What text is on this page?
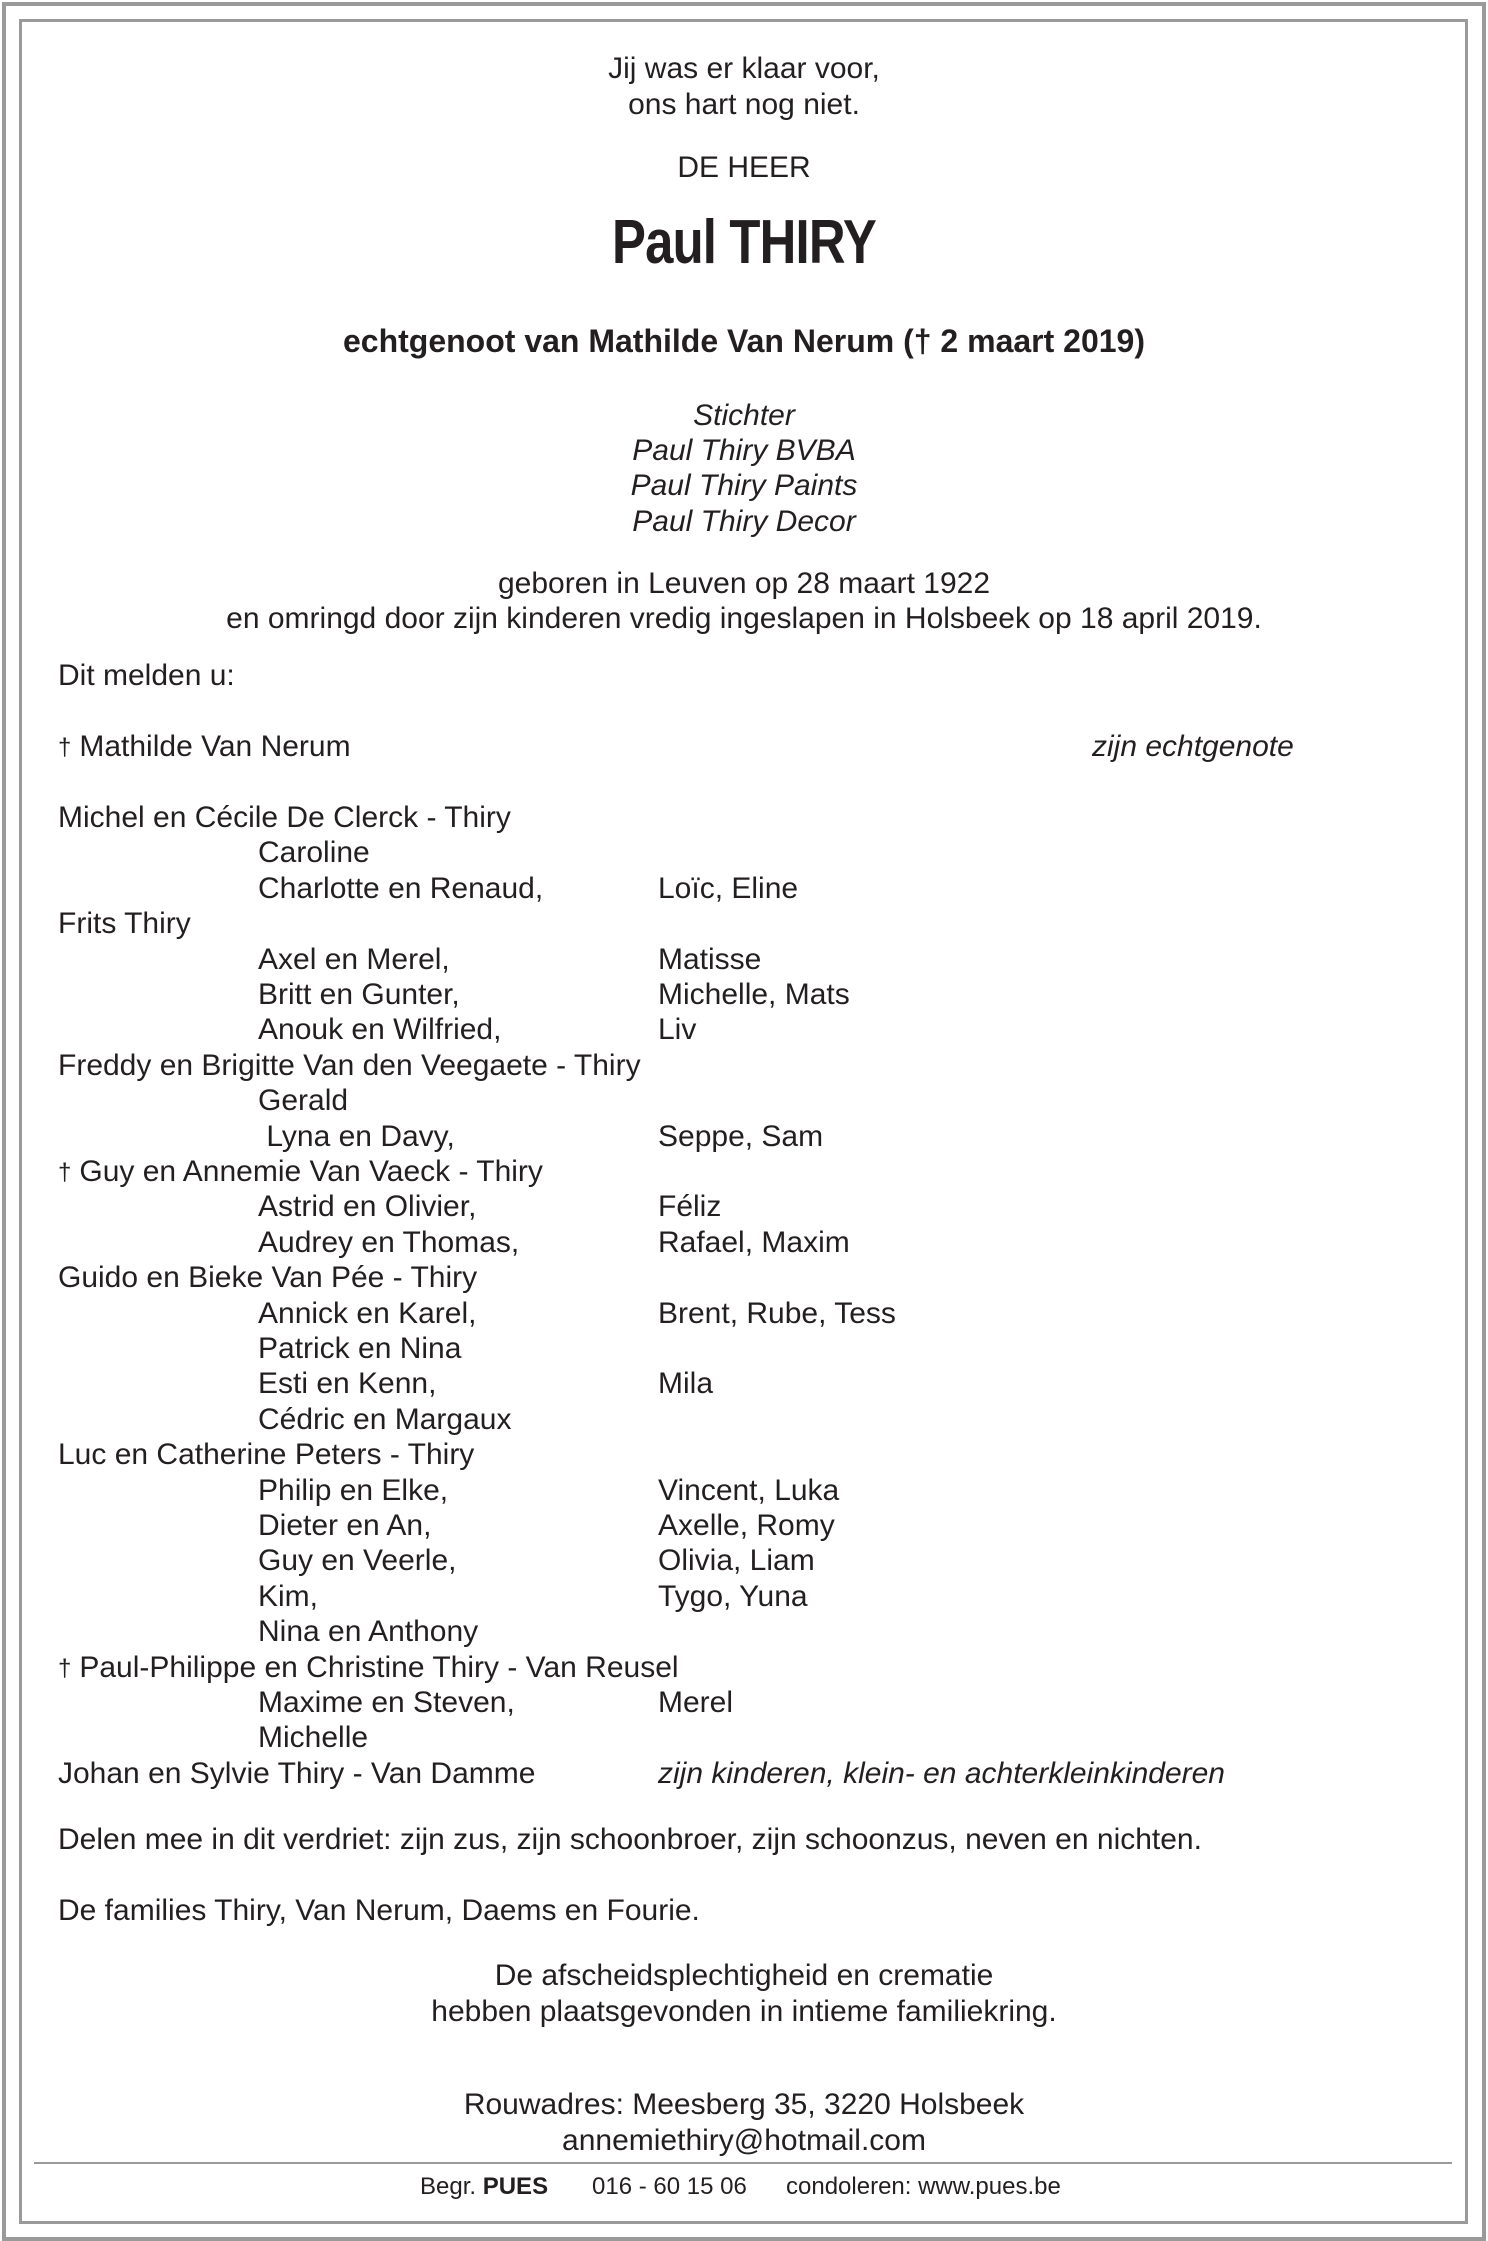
Jij was er klaar voor,
ons hart nog niet.
DE HEER
Paul THIRY
echtgenoot van Mathilde Van Nerum († 2 maart 2019)
Stichter
Paul Thiry BVBA
Paul Thiry Paints
Paul Thiry Decor
geboren in Leuven op 28 maart 1922
en omringd door zijn kinderen vredig ingeslapen in Holsbeek op 18 april 2019.
Dit melden u:
† Mathilde Van Nerum	zijn echtgenote
Michel en Cécile De Clerck - Thiry
Caroline
Charlotte en Renaud,	Loïc, Eline
Frits Thiry
Axel en Merel,	Matisse
Britt en Gunter,	Michelle, Mats
Anouk en Wilfried,	Liv
Freddy en Brigitte Van den Veegaete - Thiry
Gerald
Lyna en Davy,	Seppe, Sam
† Guy en Annemie Van Vaeck - Thiry
Astrid en Olivier,	Féliz
Audrey en Thomas,	Rafael, Maxim
Guido en Bieke Van Pée - Thiry
Annick en Karel,	Brent, Rube, Tess
Patrick en Nina
Esti en Kenn,	Mila
Cédric en Margaux
Luc en Catherine Peters - Thiry
Philip en Elke,	Vincent, Luka
Dieter en An,	Axelle, Romy
Guy en Veerle,	Olivia, Liam
Kim,	Tygo, Yuna
Nina en Anthony
† Paul-Philippe en Christine Thiry - Van Reusel
Maxime en Steven,	Merel
Michelle
Johan en Sylvie Thiry - Van Damme	zijn kinderen, klein- en achterkleinkinderen
Delen mee in dit verdriet: zijn zus, zijn schoonbroer, zijn schoonzus, neven en nichten.
De families Thiry, Van Nerum, Daems en Fourie.
De afscheidsplechtigheid en crematie
hebben plaatsgevonden in intieme familiekring.
Rouwadres: Meesberg 35, 3220 Holsbeek
annemiethiry@hotmail.com
Begr. PUES 016 - 60 15 06 condoleren: www.pues.be
